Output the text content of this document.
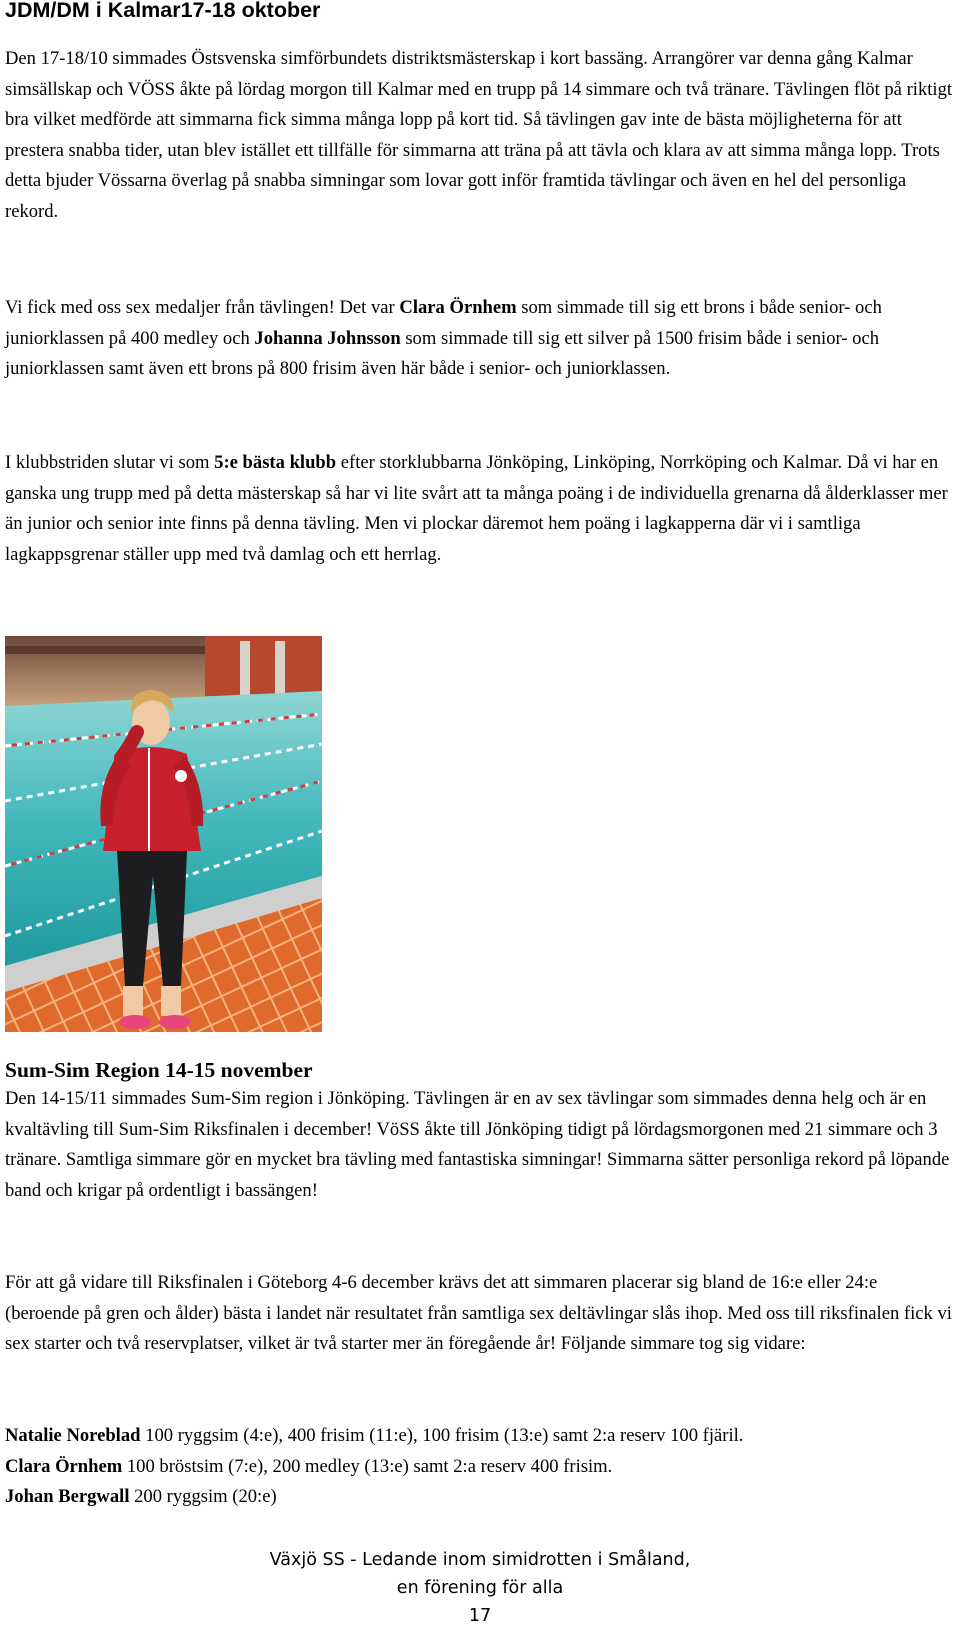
JDM/DM i Kalmar17-18 oktober

Den 17-18/10 simmades Östsvenska simförbundets distriktsmästerskap i kort bassäng. Arrangörer var denna gång Kalmar simsällskap och VÖSS åkte på lördag morgon till Kalmar med en trupp på 14 simmare och två tränare. Tävlingen flöt på riktigt bra vilket medförde att simmarna fick simma många lopp på kort tid. Så tävlingen gav inte de bästa möjligheterna för att prestera snabba tider, utan blev istället ett tillfälle för simmarna att träna på att tävla och klara av att simma många lopp. Trots detta bjuder Vössarna överlag på snabba simningar som lovar gott inför framtida tävlingar och även en hel del personliga rekord.

Vi fick med oss sex medaljer från tävlingen! Det var Clara Örnhem som simmade till sig ett brons i både senior- och juniorklassen på 400 medley och Johanna Johnsson som simmade till sig ett silver på 1500 frisim både i senior- och juniorklassen samt även ett brons på 800 frisim även här både i senior- och juniorklassen.

I klubbstriden slutar vi som 5:e bästa klubb efter storklubbarna Jönköping, Linköping, Norrköping och Kalmar. Då vi har en ganska ung trupp med på detta mästerskap så har vi lite svårt att ta många poäng i de individuella grenarna då ålderklasser mer än junior och senior inte finns på denna tävling. Men vi plockar däremot hem poäng i lagkapperna där vi i samtliga lagkappsgrenar ställer upp med två damlag och ett herrlag.

Sum-Sim Region 14-15 november

Den 14-15/11 simmades Sum-Sim region i Jönköping. Tävlingen är en av sex tävlingar som simmades denna helg och är en kvaltävling till Sum-Sim Riksfinalen i december! VöSS åkte till Jönköping tidigt på lördagsmorgonen med 21 simmare och 3 tränare. Samtliga simmare gör en mycket bra tävling med fantastiska simningar! Simmarna sätter personliga rekord på löpande band och krigar på ordentligt i bassängen!

För att gå vidare till Riksfinalen i Göteborg 4-6 december krävs det att simmaren placerar sig bland de 16:e eller 24:e (beroende på gren och ålder) bästa i landet när resultatet från samtliga sex deltävlingar slås ihop. Med oss till riksfinalen fick vi sex starter och två reservplatser, vilket är två starter mer än föregående år! Följande simmare tog sig vidare:

Natalie Noreblad 100 ryggsim (4:e), 400 frisim (11:e), 100 frisim (13:e) samt 2:a reserv 100 fjäril.
Clara Örnhem 100 bröstsim (7:e), 200 medley (13:e) samt 2:a reserv 400 frisim.
Johan Bergwall 200 ryggsim (20:e)
Växjö SS - Ledande inom simidrotten i Småland,
en förening för alla
17
